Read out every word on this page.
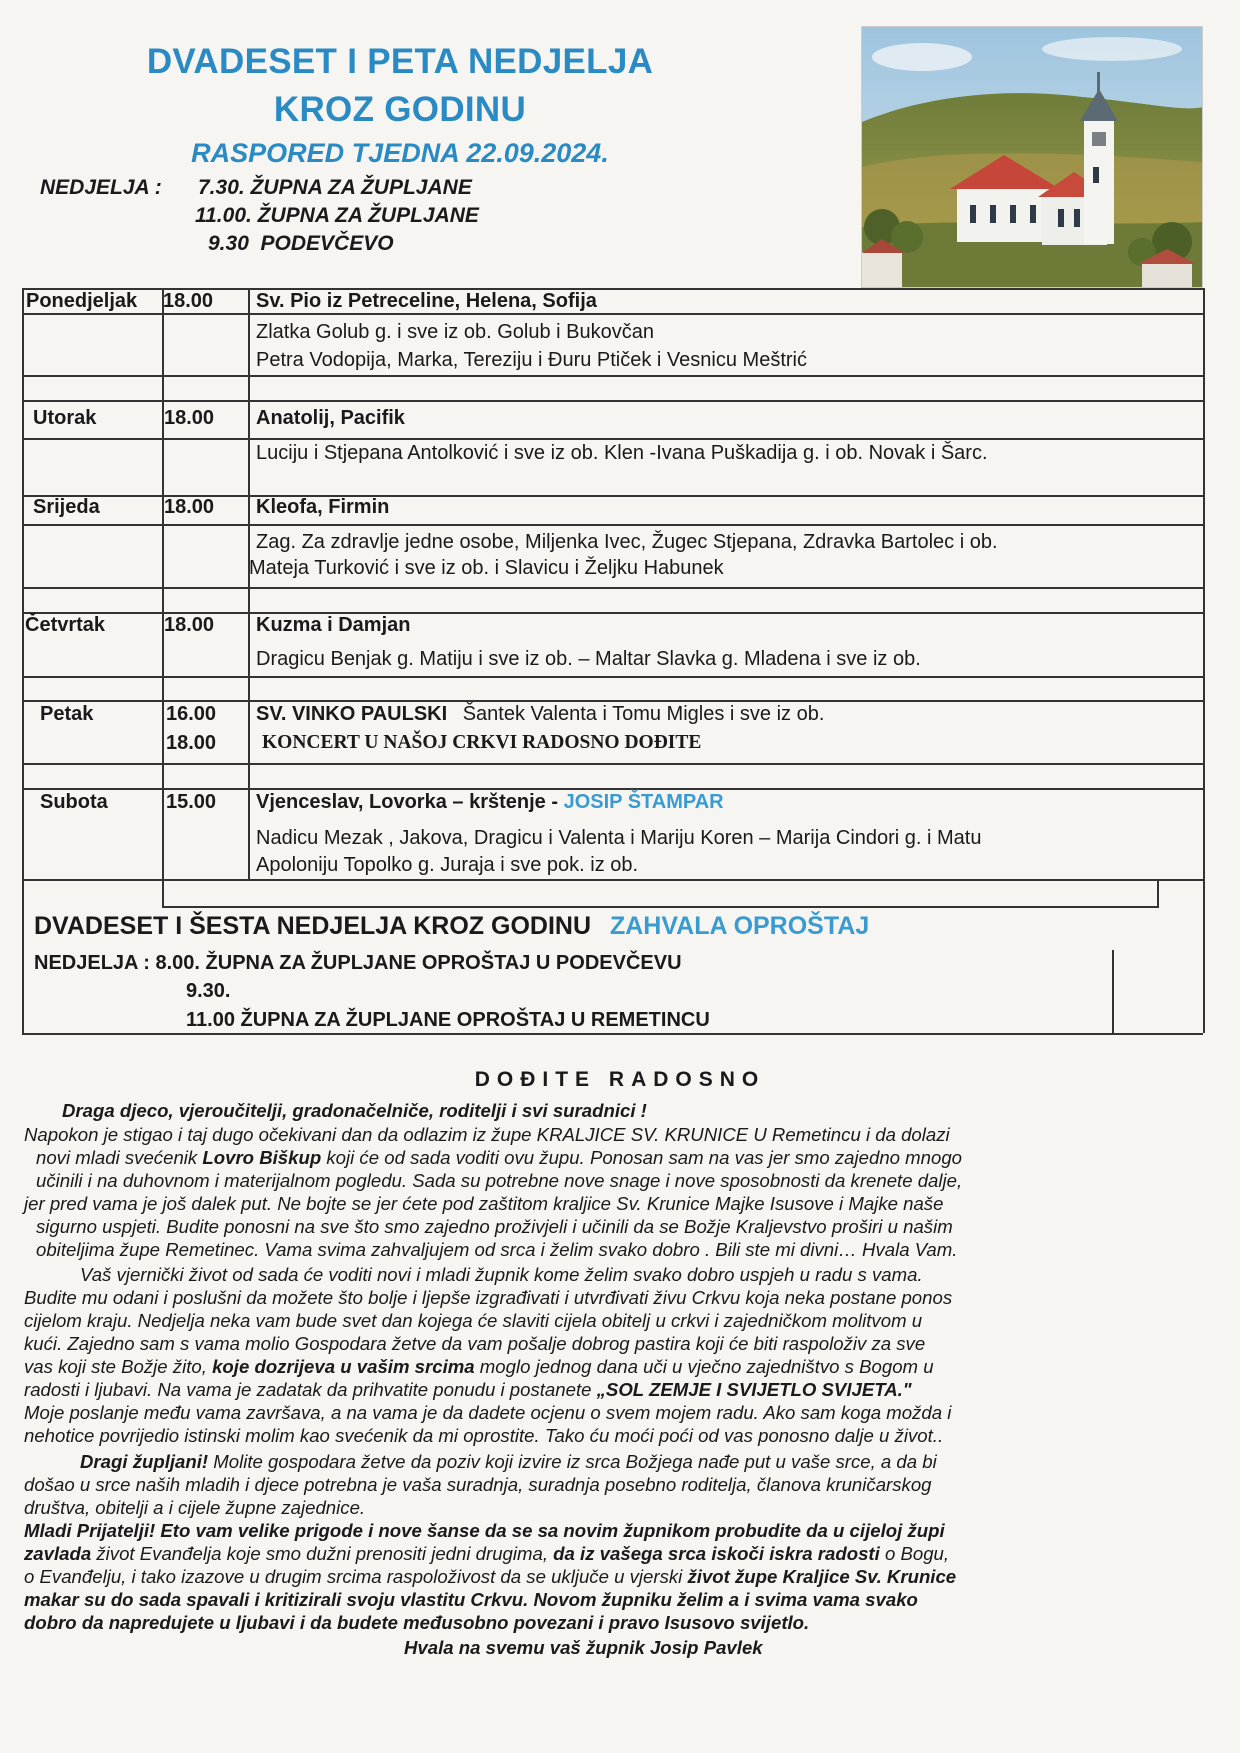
DVADESET I PETA NEDJELJA
KROZ GODINU
RASPORED TJEDNA 22.09.2024.
NEDJELJA : 7.30. ŽUPNA ZA ŽUPLJANE
11.00. ŽUPNA ZA ŽUPLJANE
9.30  PODEVČEVO
Ponedjeljak 18.00 Sv. Pio iz Petreceline, Helena, Sofija
Zlatka Golub g. i sve iz ob. Golub i Bukovčan
Petra Vodopija, Marka, Tereziju i Đuru Ptiček i Vesnicu Meštrić
Utorak	18.00 Anatolij, Pacifik
Luciju i Stjepana Antolković i sve iz ob. Klen -Ivana Puškadija g. i ob. Novak i Šarc.
Srijeda	18.00 Kleofa, Firmin
Zag. Za zdravlje jedne osobe, Miljenka Ivec, Žugec Stjepana, Zdravka Bartolec i ob.
Mateja Turković i sve iz ob. i Slavicu i Željku Habunek
Četvrtak	18.00 Kuzma i Damjan
Dragicu Benjak g. Matiju i sve iz ob. – Maltar Slavka g. Mladena i sve iz ob.
Petak	16.00 SV. VINKO PAULSKI Šantek Valenta i Tomu Migles i sve iz ob.
18.00 KONCERT U NAŠOJ CRKVI RADOSNO DOĐITE
Subota	15.00 Vjenceslav, Lovorka – krštenje - JOSIP ŠTAMPAR
Nadicu Mezak , Jakova, Dragicu i Valenta i Mariju Koren – Marija Cindori g. i Matu
Apoloniju Topolko g. Juraja i sve pok. iz ob.
DVADESET I ŠESTA NEDJELJA KROZ GODINU ZAHVALA OPROŠTAJ
NEDJELJA : 8.00. ŽUPNA ZA ŽUPLJANE OPROŠTAJ U PODEVČEVU
9.30.
11.00 ŽUPNA ZA ŽUPLJANE OPROŠTAJ U REMETINCU
DOĐITE RADOSNO
Draga djeco, vjeroučitelji, gradonačelniče, roditelji i svi suradnici !
Napokon je stigao i taj dugo očekivani dan da odlazim iz župe KRALJICE SV. KRUNICE U Remetincu i da dolazi
novi mladi svećenik Lovro Biškup koji će od sada voditi ovu župu. Ponosan sam na vas jer smo zajedno mnogo
učinili i na duhovnom i materijalnom pogledu. Sada su potrebne nove snage i nove sposobnosti da krenete dalje,
jer pred vama je još dalek put. Ne bojte se jer ćete pod zaštitom kraljice Sv. Krunice Majke Isusove i Majke naše
sigurno uspjeti. Budite ponosni na sve što smo zajedno proživjeli i učinili da se Božje Kraljevstvo proširi u našim
obiteljima župe Remetinec. Vama svima zahvaljujem od srca i želim svako dobro . Bili ste mi divni… Hvala Vam.
Vaš vjernički život od sada će voditi novi i mladi župnik kome želim svako dobro uspjeh u radu s vama.
Budite mu odani i poslušni da možete što bolje i ljepše izgrađivati i utvrđivati živu Crkvu koja neka postane ponos
cijelom kraju. Nedjelja neka vam bude svet dan kojega će slaviti cijela obitelj u crkvi i zajedničkom molitvom u
kući. Zajedno sam s vama molio Gospodara žetve da vam pošalje dobrog pastira koji će biti raspoloživ za sve
vas koji ste Božje žito, koje dozrijeva u vašim srcima moglo jednog dana uči u vječno zajedništvo s Bogom u
radosti i ljubavi. Na vama je zadatak da prihvatite ponudu i postanete „SOL ZEMJE I SVIJETLO SVIJETA."
Moje poslanje među vama završava, a na vama je da dadete ocjenu o svem mojem radu. Ako sam koga možda i
nehotice povrijedio istinski molim kao svećenik da mi oprostite. Tako ću moći poći od vas ponosno dalje u život..
Dragi župljani! Molite gospodara žetve da poziv koji izvire iz srca Božjega nađe put u vaše srce, a da bi
došao u srce naših mladih i djece potrebna je vaša suradnja, suradnja posebno roditelja, članova kruničarskog
društva, obitelji a i cijele župne zajednice.
Mladi Prijatelji! Eto vam velike prigode i nove šanse da se sa novim župnikom probudite da u cijeloj župi
zavlada život Evanđelja koje smo dužni prenositi jedni drugima, da iz vašega srca iskoči iskra radosti o Bogu,
o Evanđelju, i tako izazove u drugim srcima raspoloživost da se uključe u vjerski život župe Kraljice Sv. Krunice
makar su do sada spavali i kritizirali svoju vlastitu Crkvu. Novom župniku želim a i svima vama svako
dobro da napredujete u ljubavi i da budete međusobno povezani i pravo Isusovo svijetlo.
Hvala na svemu vaš župnik Josip Pavlek
